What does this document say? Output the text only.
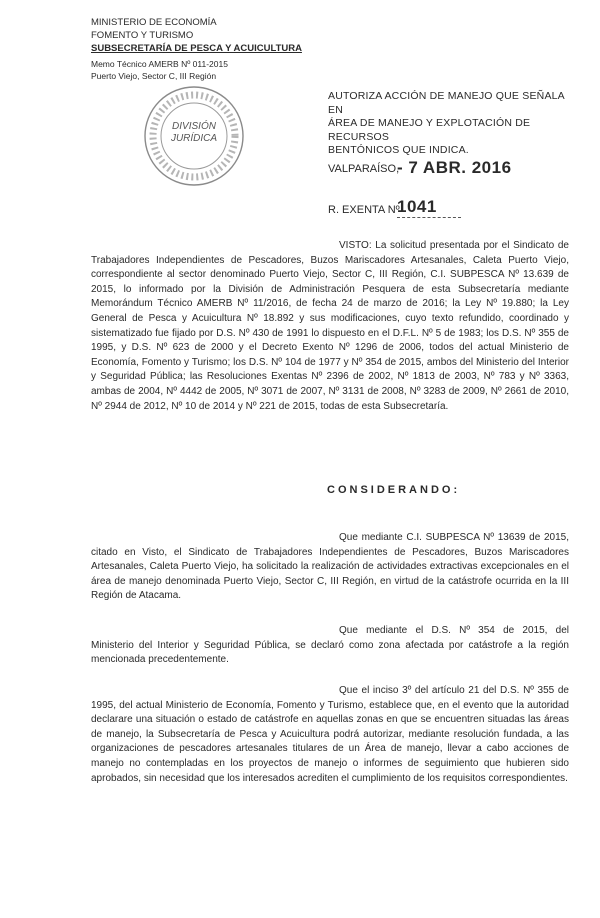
MINISTERIO DE ECONOMÍA
FOMENTO Y TURISMO
SUBSECRETARÍA DE PESCA Y ACUICULTURA
Memo Técnico AMERB Nº 011-2015
Puerto Viejo, Sector C, III Región
DIVISIÓN
JURÍDICA
AUTORIZA ACCIÓN DE MANEJO QUE SEÑALA EN
ÁREA DE MANEJO Y EXPLOTACIÓN DE RECURSOS
BENTÓNICOS QUE INDICA.
VALPARAÍSO,
- 7 ABR. 2016
R. EXENTA Nº
1041

VISTO: La solicitud presentada por el Sindicato de Trabajadores Independientes de Pescadores, Buzos Mariscadores Artesanales, Caleta Puerto Viejo, correspondiente al sector denominado Puerto Viejo, Sector C, III Región, C.I. SUBPESCA Nº 13.639 de 2015, lo informado por la División de Administración Pesquera de esta Subsecretaría mediante Memorándum Técnico AMERB Nº 11/2016, de fecha 24 de marzo de 2016; la Ley Nº 19.880; la Ley General de Pesca y Acuicultura Nº 18.892 y sus modificaciones, cuyo texto refundido, coordinado y sistematizado fue fijado por D.S. Nº 430 de 1991 lo dispuesto en el D.F.L. Nº 5 de 1983; los D.S. Nº 355 de 1995, y D.S. Nº 623 de 2000 y el Decreto Exento Nº 1296 de 2006, todos del actual Ministerio de Economía, Fomento y Turismo; los D.S. Nº 104 de 1977 y Nº 354 de 2015, ambos del Ministerio del Interior y Seguridad Pública; las Resoluciones Exentas Nº 2396 de 2002, Nº 1813 de 2003, Nº 783 y Nº 3363, ambas de 2004, Nº 4442 de 2005, Nº 3071 de 2007, Nº 3131 de 2008, Nº 3283 de 2009, Nº 2661 de 2010, Nº 2944 de 2012, Nº 10 de 2014 y Nº 221 de 2015, todas de esta Subsecretaría.

CONSIDERANDO:

Que mediante C.I. SUBPESCA Nº 13639 de 2015, citado en Visto, el Sindicato de Trabajadores Independientes de Pescadores, Buzos Mariscadores Artesanales, Caleta Puerto Viejo, ha solicitado la realización de actividades extractivas excepcionales en el área de manejo denominada Puerto Viejo, Sector C, III Región, en virtud de la catástrofe ocurrida en la III Región de Atacama.

Que mediante el D.S. Nº 354 de 2015, del Ministerio del Interior y Seguridad Pública, se declaró como zona afectada por catástrofe a la región mencionada precedentemente.

Que el inciso 3º del artículo 21 del D.S. Nº 355 de 1995, del actual Ministerio de Economía, Fomento y Turismo, establece que, en el evento que la autoridad declarare una situación o estado de catástrofe en aquellas zonas en que se encuentren situadas las áreas de manejo, la Subsecretaría de Pesca y Acuicultura podrá autorizar, mediante resolución fundada, a las organizaciones de pescadores artesanales titulares de un Área de manejo, llevar a cabo acciones de manejo no contempladas en los proyectos de manejo o informes de seguimiento que hubieren sido aprobados, sin necesidad que los interesados acrediten el cumplimiento de los requisitos correspondientes.
